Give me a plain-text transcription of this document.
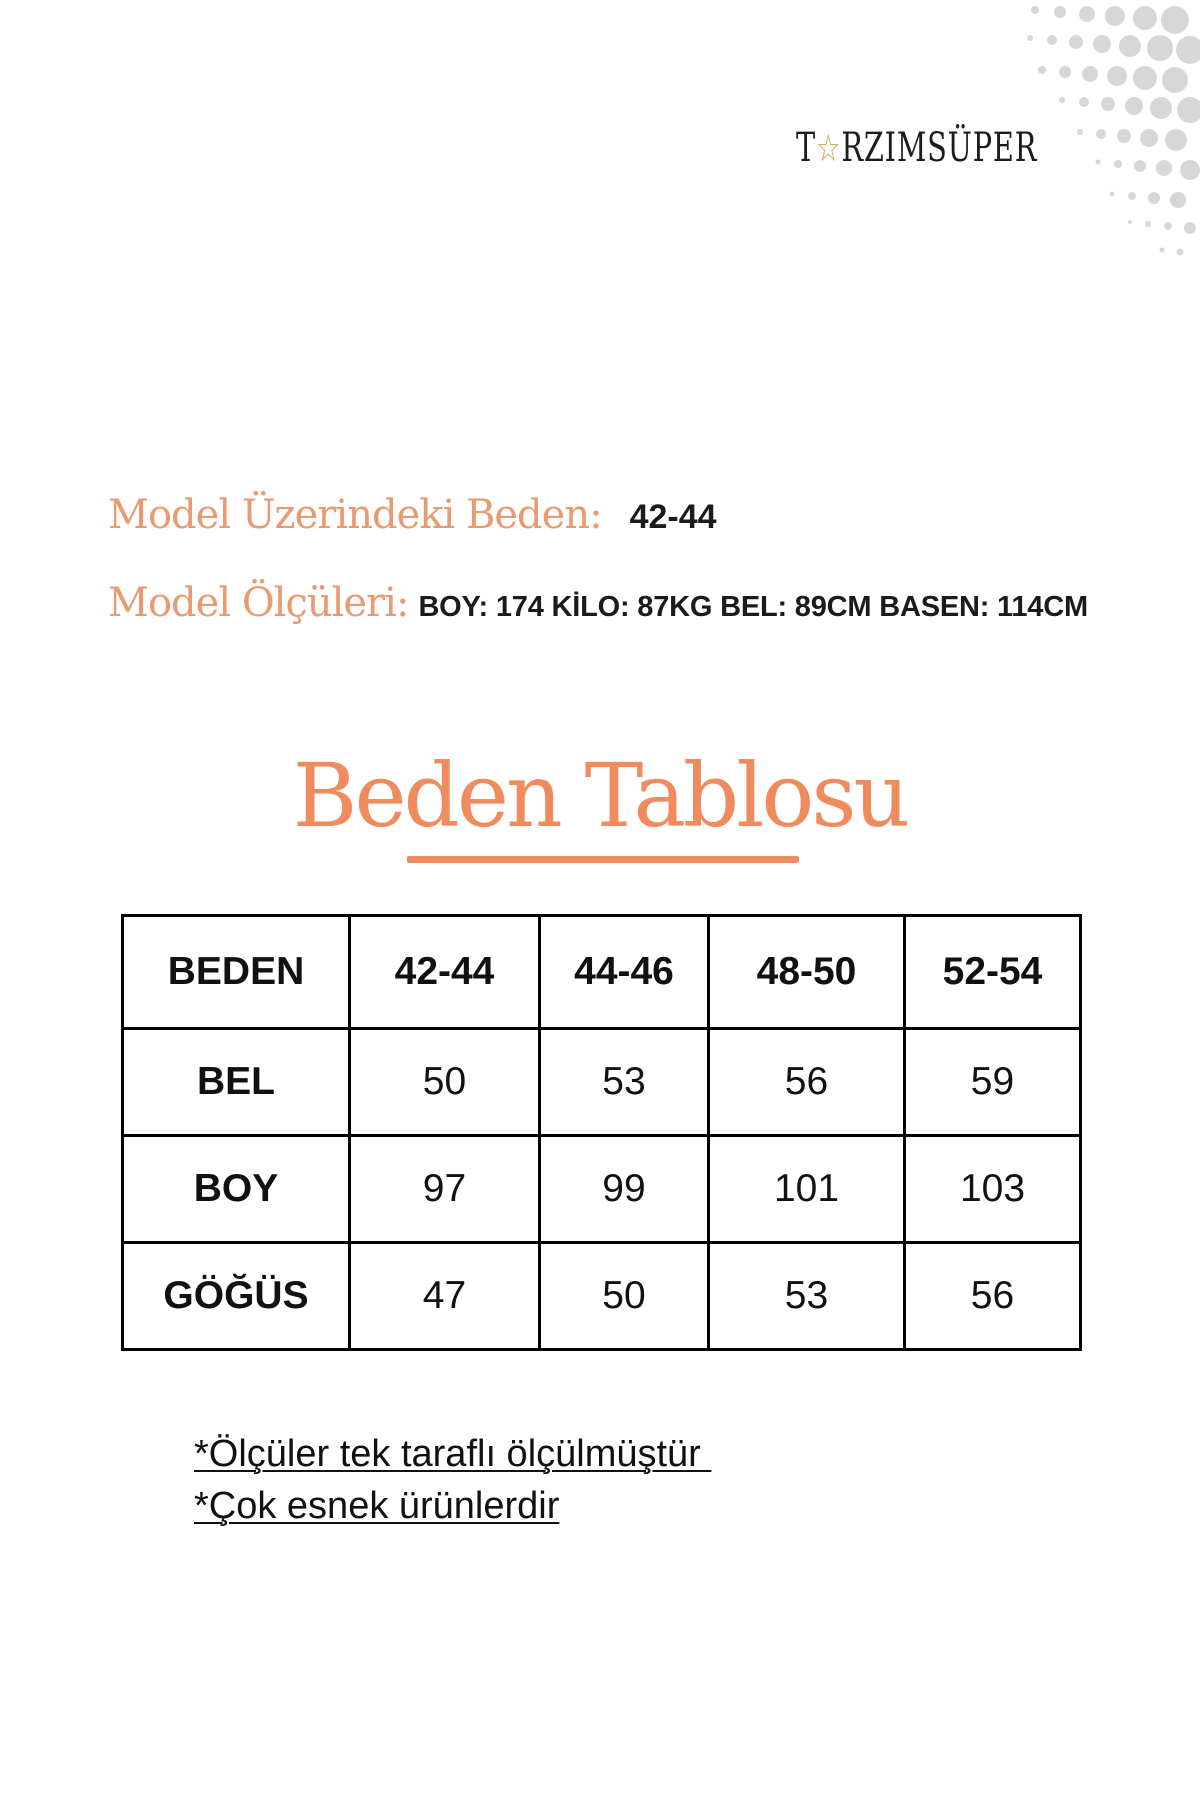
T ☆ R Z I M S Ü P E R
Model Üzerindeki Beden: 42-44
Model Ölçüleri: BOY: 174 KİLO: 87KG BEL: 89CM BASEN: 114CM
Beden Tablosu
BEDEN	42-44	44-46	48-50	52-54
BEL	50	53	56	59
BOY	97	99	101	103
GÖĞÜS	47	50	53	56
*Ölçüler tek taraflı ölçülmüştür
*Çok esnek ürünlerdir
